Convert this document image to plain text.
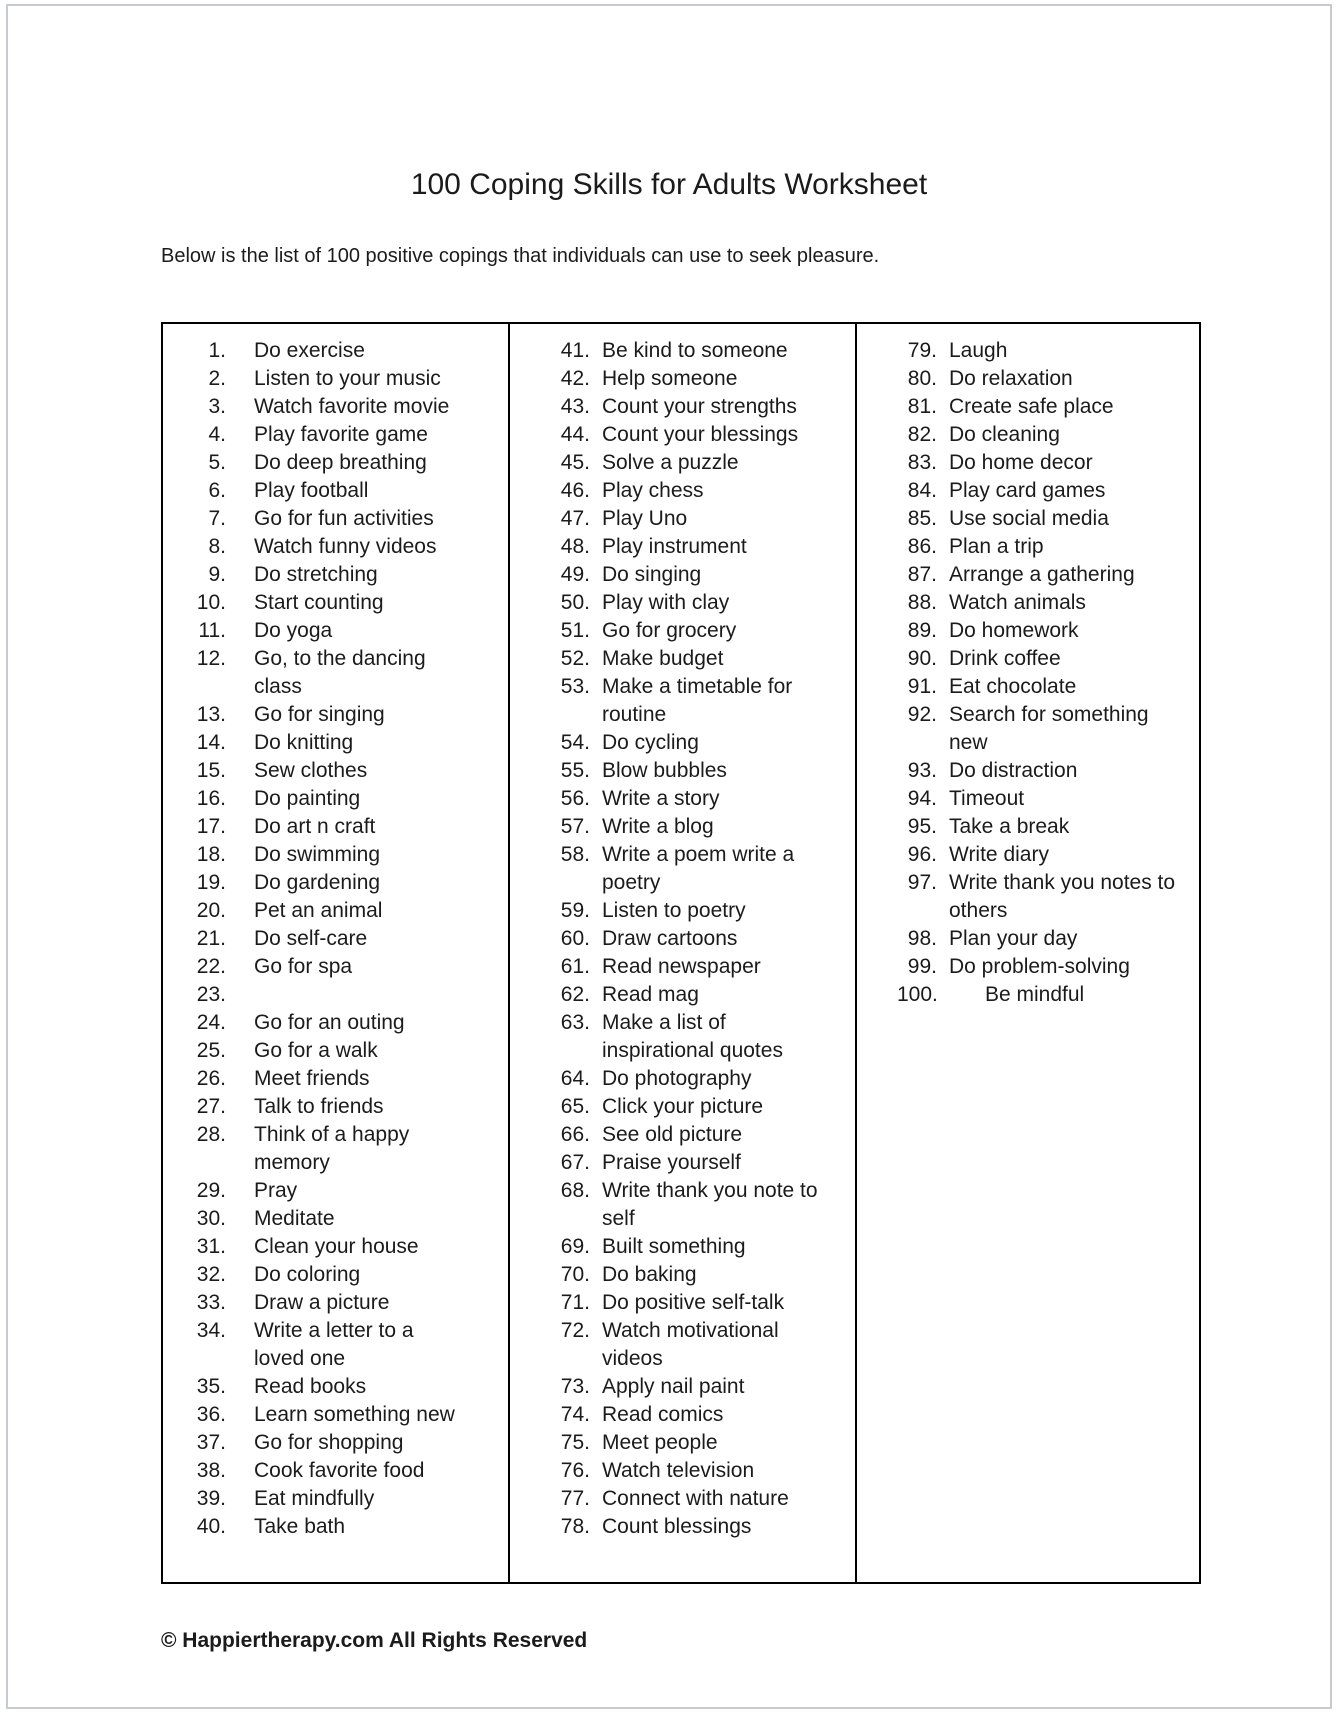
100 Coping Skills for Adults Worksheet

Below is the list of 100 positive copings that individuals can use to seek pleasure.

1. Do exercise
2. Listen to your music
3. Watch favorite movie
4. Play favorite game
5. Do deep breathing
6. Play football
7. Go for fun activities
8. Watch funny videos
9. Do stretching
10. Start counting
11. Do yoga
12. Go, to the dancing class
13. Go for singing
14. Do knitting
15. Sew clothes
16. Do painting
17. Do art n craft
18. Do swimming
19. Do gardening
20. Pet an animal
21. Do self-care
22. Go for spa
23.
24. Go for an outing
25. Go for a walk
26. Meet friends
27. Talk to friends
28. Think of a happy memory
29. Pray
30. Meditate
31. Clean your house
32. Do coloring
33. Draw a picture
34. Write a letter to a loved one
35. Read books
36. Learn something new
37. Go for shopping
38. Cook favorite food
39. Eat mindfully
40. Take bath
41. Be kind to someone
42. Help someone
43. Count your strengths
44. Count your blessings
45. Solve a puzzle
46. Play chess
47. Play Uno
48. Play instrument
49. Do singing
50. Play with clay
51. Go for grocery
52. Make budget
53. Make a timetable for routine
54. Do cycling
55. Blow bubbles
56. Write a story
57. Write a blog
58. Write a poem write a poetry
59. Listen to poetry
60. Draw cartoons
61. Read newspaper
62. Read mag
63. Make a list of inspirational quotes
64. Do photography
65. Click your picture
66. See old picture
67. Praise yourself
68. Write thank you note to self
69. Built something
70. Do baking
71. Do positive self-talk
72. Watch motivational videos
73. Apply nail paint
74. Read comics
75. Meet people
76. Watch television
77. Connect with nature
78. Count blessings
79. Laugh
80. Do relaxation
81. Create safe place
82. Do cleaning
83. Do home decor
84. Play card games
85. Use social media
86. Plan a trip
87. Arrange a gathering
88. Watch animals
89. Do homework
90. Drink coffee
91. Eat chocolate
92. Search for something new
93. Do distraction
94. Timeout
95. Take a break
96. Write diary
97. Write thank you notes to others
98. Plan your day
99. Do problem-solving
100. Be mindful
© Happiertherapy.com All Rights Reserved
